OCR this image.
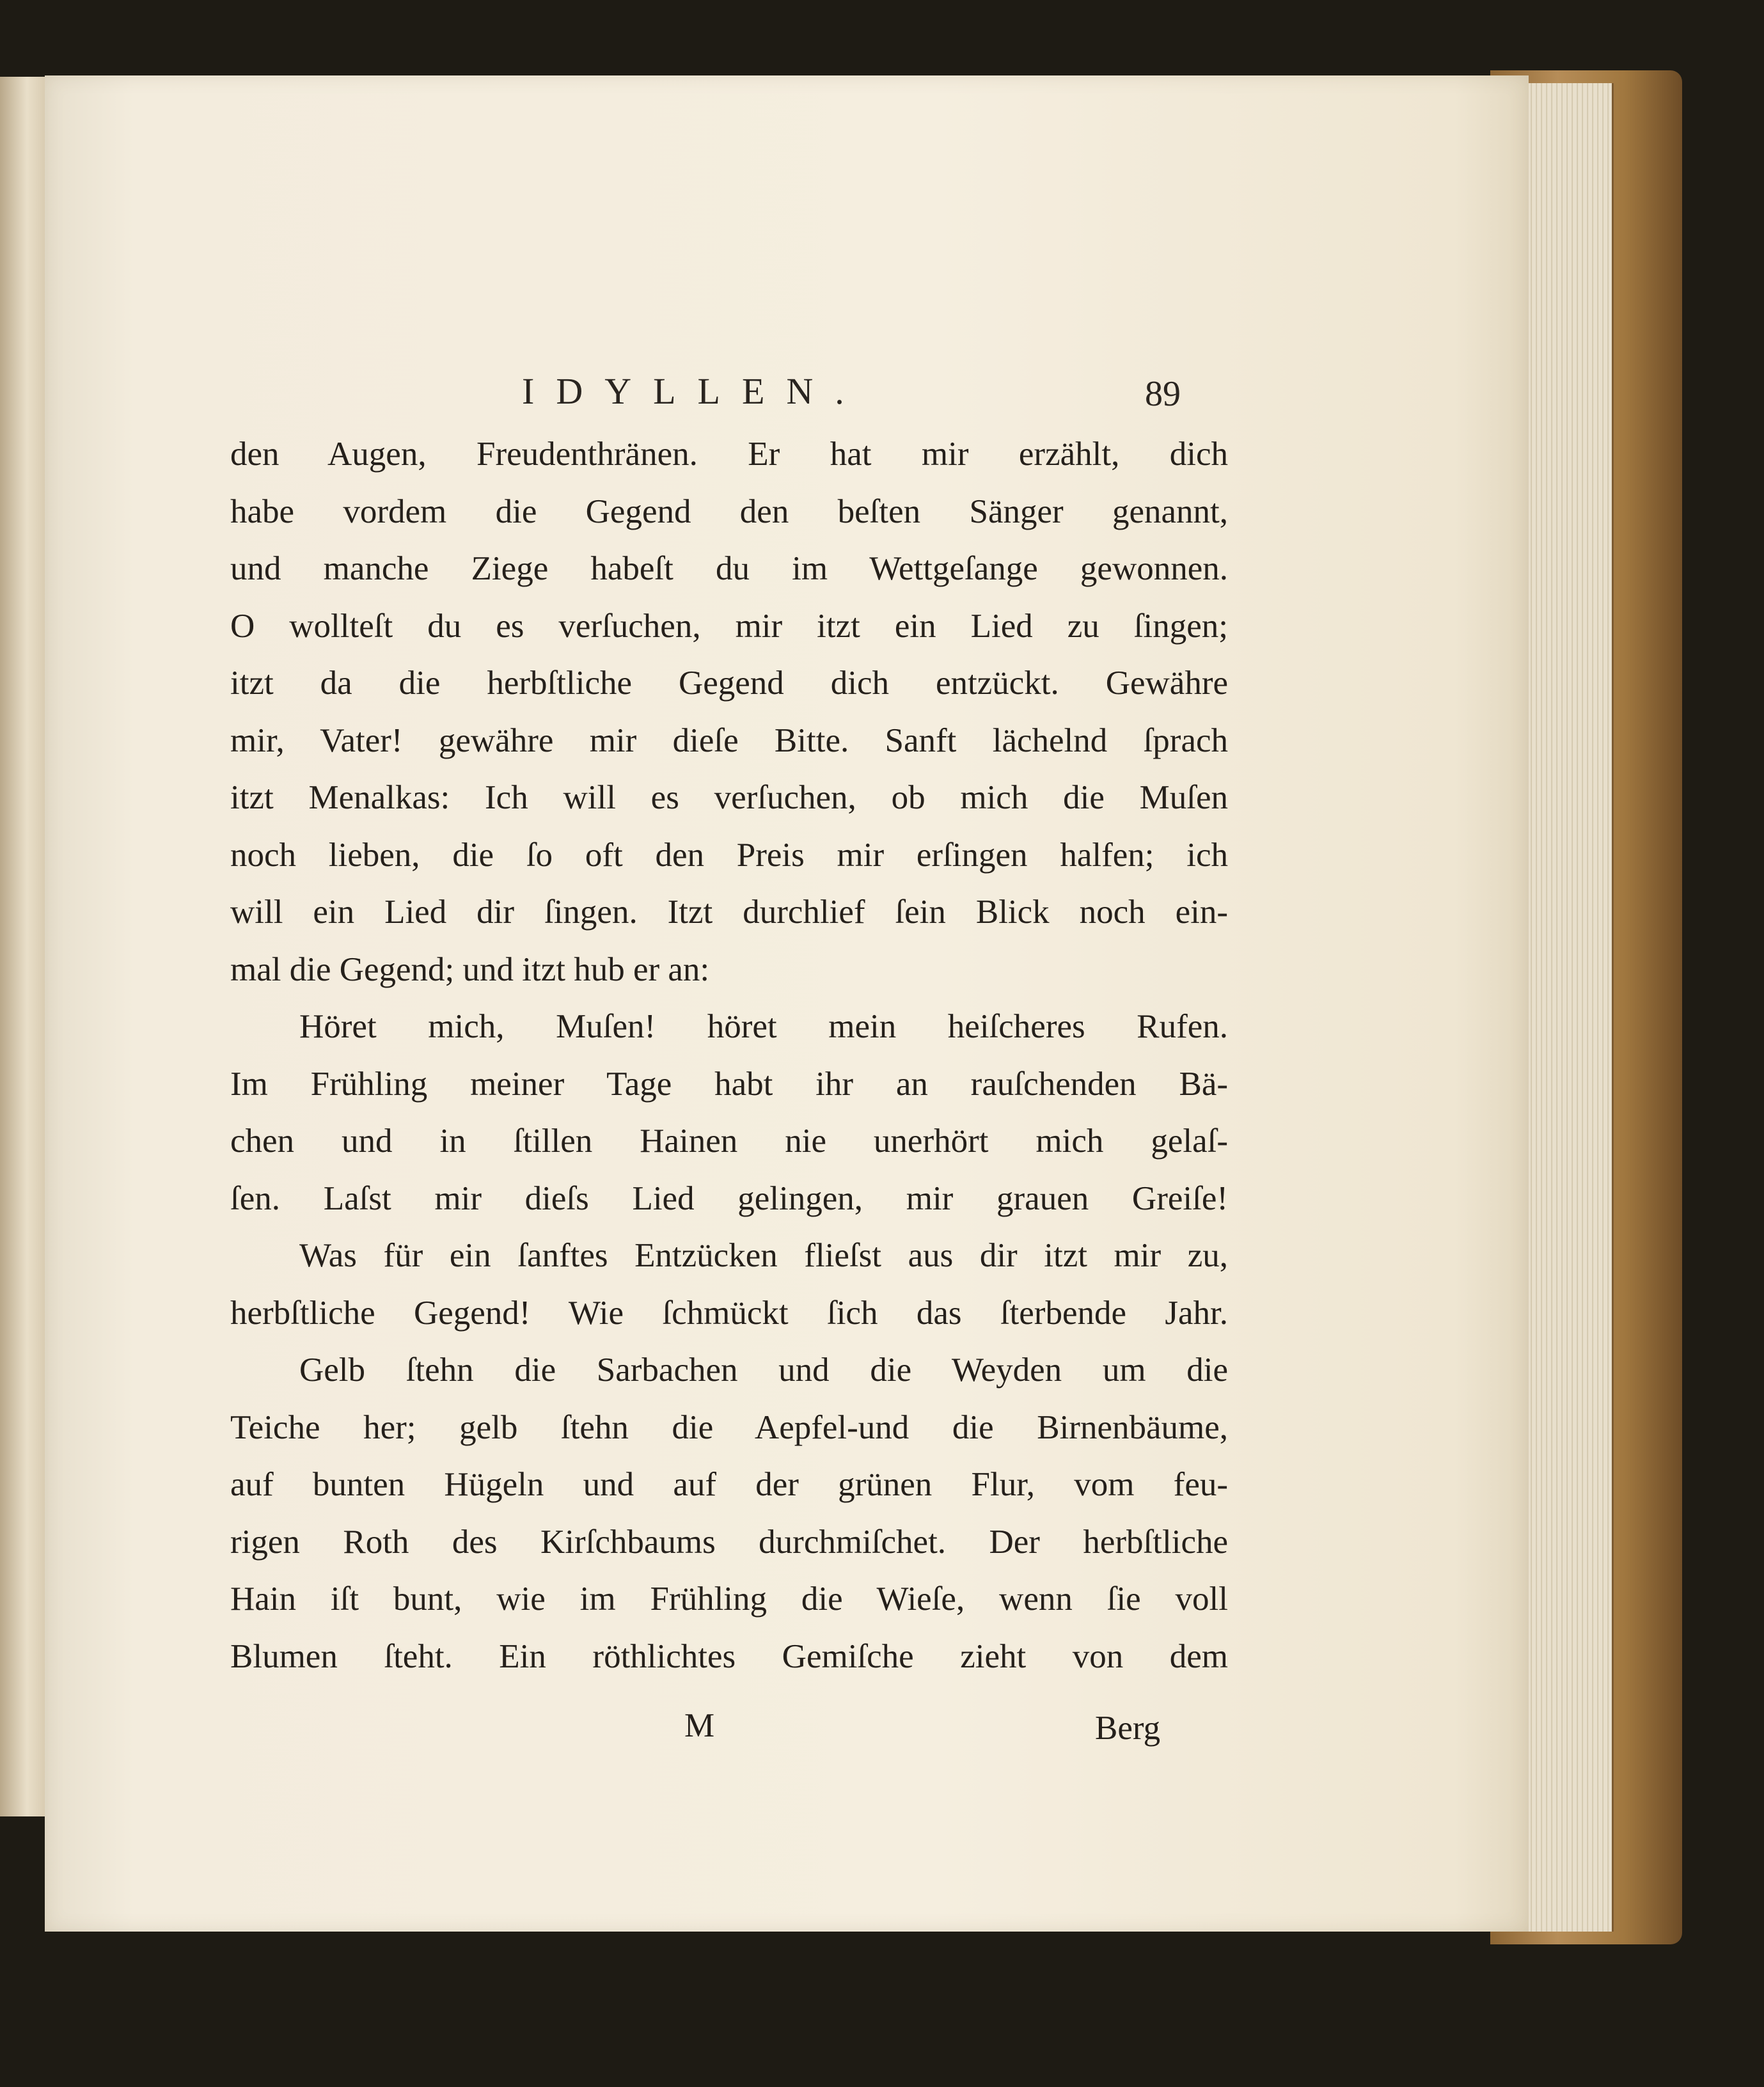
IDYLLEN.	89
den Augen, Freudenthränen. Er hat mir erzählt, dich
habe vordem die Gegend den beſten Sänger genannt,
und manche Ziege habeſt du im Wettgeſange gewonnen.
O wollteſt du es verſuchen, mir itzt ein Lied zu ſingen;
itzt da die herbſtliche Gegend dich entzückt. Gewähre
mir, Vater! gewähre mir dieſe Bitte. Sanft lächelnd ſprach
itzt Menalkas: Ich will es verſuchen, ob mich die Muſen
noch lieben, die ſo oft den Preis mir erſingen halfen; ich
will ein Lied dir ſingen. Itzt durchlief ſein Blick noch ein-
mal die Gegend; und itzt hub er an:
Höret mich, Muſen! höret mein heiſcheres Rufen.
Im Frühling meiner Tage habt ihr an rauſchenden Bä-
chen und in ſtillen Hainen nie unerhört mich gelaſ-
ſen. Laſst mir dieſs Lied gelingen, mir grauen Greiſe!
Was für ein ſanftes Entzücken flieſst aus dir itzt mir zu,
herbſtliche Gegend! Wie ſchmückt ſich das ſterbende Jahr.
Gelb ſtehn die Sarbachen und die Weyden um die
Teiche her; gelb ſtehn die Aepfel-und die Birnenbäume,
auf bunten Hügeln und auf der grünen Flur, vom feu-
rigen Roth des Kirſchbaums durchmiſchet. Der herbſtliche
Hain iſt bunt, wie im Frühling die Wieſe, wenn ſie voll
Blumen ſteht. Ein röthlichtes Gemiſche zieht von dem
M	Berg
